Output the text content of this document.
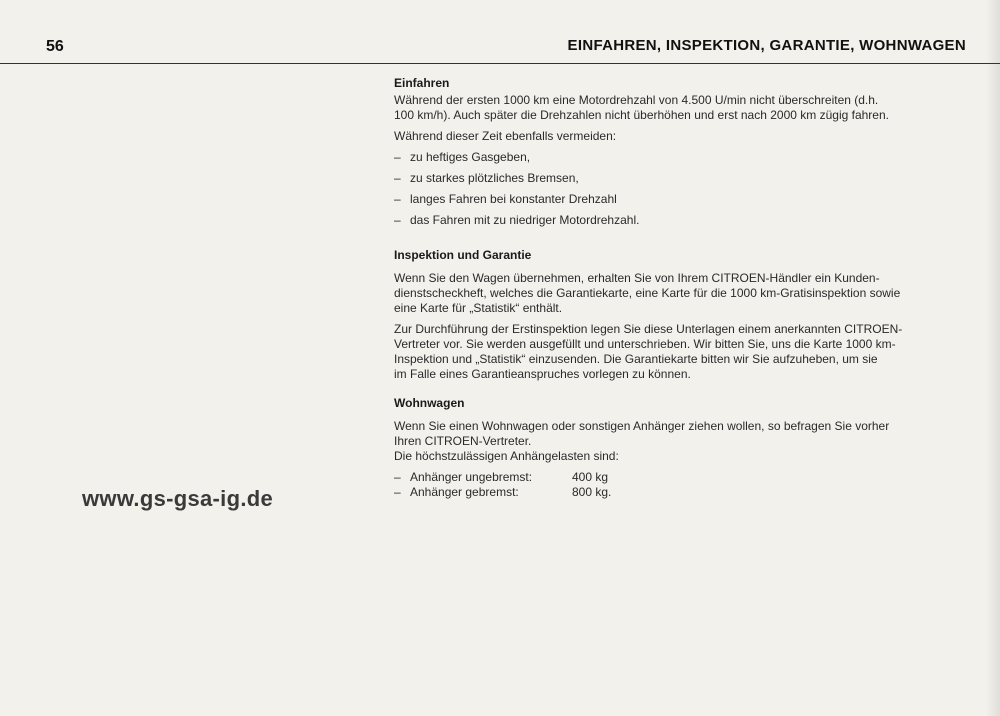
56	EINFAHREN, INSPEKTION, GARANTIE, WOHNWAGEN
www.gs-gsa-ig.de
Einfahren

Während der ersten 1000 km eine Motordrehzahl von 4.500 U/min nicht überschreiten (d.h.

100 km/h). Auch später die Drehzahlen nicht überhöhen und erst nach 2000 km zügig fahren.

Während dieser Zeit ebenfalls vermeiden:

– zu heftiges Gasgeben,
– zu starkes plötzliches Bremsen,
– langes Fahren bei konstanter Drehzahl
– das Fahren mit zu niedriger Motordrehzahl.
Inspektion und Garantie

Wenn Sie den Wagen übernehmen, erhalten Sie von Ihrem CITROEN-Händler ein Kunden-

dienstscheckheft, welches die Garantiekarte, eine Karte für die 1000 km-Gratisinspektion sowie

eine Karte für „Statistik“ enthält.

Zur Durchführung der Erstinspektion legen Sie diese Unterlagen einem anerkannten CITROEN-

Vertreter vor. Sie werden ausgefüllt und unterschrieben. Wir bitten Sie, uns die Karte 1000 km-

Inspektion und „Statistik“ einzusenden. Die Garantiekarte bitten wir Sie aufzuheben, um sie

im Falle eines Garantieanspruches vorlegen zu können.

Wohnwagen

Wenn Sie einen Wohnwagen oder sonstigen Anhänger ziehen wollen, so befragen Sie vorher

Ihren CITROEN-Vertreter.

Die höchstzulässigen Anhängelasten sind:

– Anhänger ungebremst:	400 kg
– Anhänger gebremst:	800 kg.
